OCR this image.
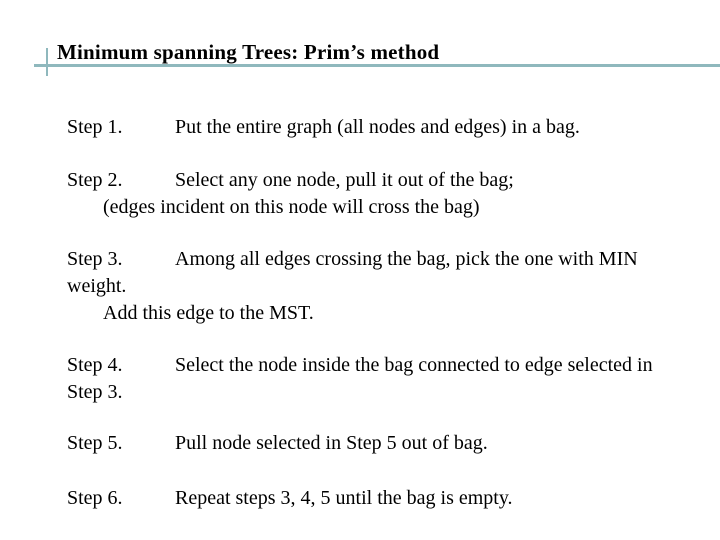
Minimum spanning Trees: Prim’s method
Step 1.	Put the entire graph (all nodes and edges) in a bag.
Step 2.	Select any one node, pull it out of the bag;
(edges incident on this node will cross the bag)
Step 3.	Among all edges crossing the bag, pick the one with MIN
weight.
Add this edge to the MST.
Step 4.	Select the node inside the bag connected to edge selected in
Step 3.
Step 5.	Pull node selected in Step 5 out of bag.
Step 6.	Repeat steps 3, 4, 5 until the bag is empty.
